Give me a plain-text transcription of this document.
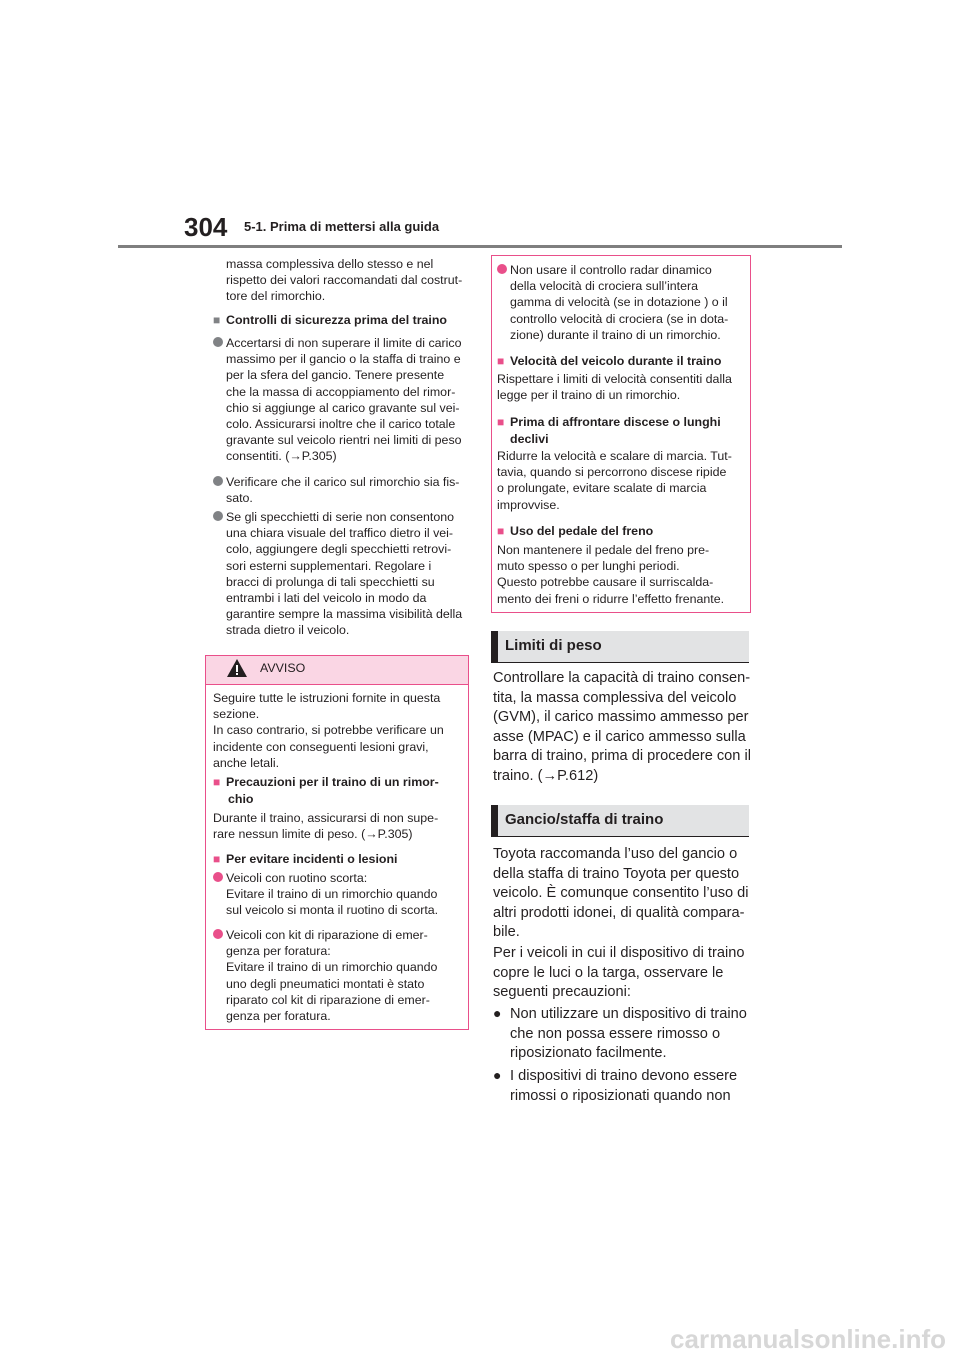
304 5-1. Prima di mettersi alla guida

massa complessiva dello stesso e nel

rispetto dei valori raccomandati dal costrut-

tore del rimorchio.

■ Controlli di sicurezza prima del traino

Accertarsi di non superare il limite di carico

massimo per il gancio o la staffa di traino e

per la sfera del gancio. Tenere presente

che la massa di accoppiamento del rimor-

chio si aggiunge al carico gravante sul vei-

colo. Assicurarsi inoltre che il carico totale

gravante sul veicolo rientri nei limiti di peso

consentiti. (→P.305)

Verificare che il carico sul rimorchio sia fis-

sato.

Se gli specchietti di serie non consentono

una chiara visuale del traffico dietro il vei-

colo, aggiungere degli specchietti retrovi-

sori esterni supplementari. Regolare i

bracci di prolunga di tali specchietti su

entrambi i lati del veicolo in modo da

garantire sempre la massima visibilità della

strada dietro il veicolo.

AVVISO

Seguire tutte le istruzioni fornite in questa

sezione.

In caso contrario, si potrebbe verificare un

incidente con conseguenti lesioni gravi,

anche letali.

■ Precauzioni per il traino di un rimor-

chio

Durante il traino, assicurarsi di non supe-

rare nessun limite di peso. (→P.305)

■ Per evitare incidenti o lesioni

Veicoli con ruotino scorta:

Evitare il traino di un rimorchio quando

sul veicolo si monta il ruotino di scorta.

Veicoli con kit di riparazione di emer-

genza per foratura:

Evitare il traino di un rimorchio quando

uno degli pneumatici montati è stato

riparato col kit di riparazione di emer-

genza per foratura.

Non usare il controllo radar dinamico

della velocità di crociera sull’intera

gamma di velocità (se in dotazione ) o il

controllo velocità di crociera (se in dota-

zione) durante il traino di un rimorchio.

■ Velocità del veicolo durante il traino

Rispettare i limiti di velocità consentiti dalla

legge per il traino di un rimorchio.

■ Prima di affrontare discese o lunghi

declivi

Ridurre la velocità e scalare di marcia. Tut-

tavia, quando si percorrono discese ripide

o prolungate, evitare scalate di marcia

improvvise.

■ Uso del pedale del freno

Non mantenere il pedale del freno pre-

muto spesso o per lunghi periodi.

Questo potrebbe causare il surriscalda-

mento dei freni o ridurre l’effetto frenante.

Limiti di peso

Controllare la capacità di traino consen-

tita, la massa complessiva del veicolo

(GVM), il carico massimo ammesso per

asse (MPAC) e il carico ammesso sulla

barra di traino, prima di procedere con il

traino. (→P.612)

Gancio/staffa di traino

Toyota raccomanda l’uso del gancio o

della staffa di traino Toyota per questo

veicolo. È comunque consentito l’uso di

altri prodotti idonei, di qualità compara-

bile.

Per i veicoli in cui il dispositivo di traino

copre le luci o la targa, osservare le

seguenti precauzioni:

● Non utilizzare un dispositivo di traino

che non possa essere rimosso o

riposizionato facilmente.

● I dispositivi di traino devono essere

rimossi o riposizionati quando non

carmanualsonline.info
